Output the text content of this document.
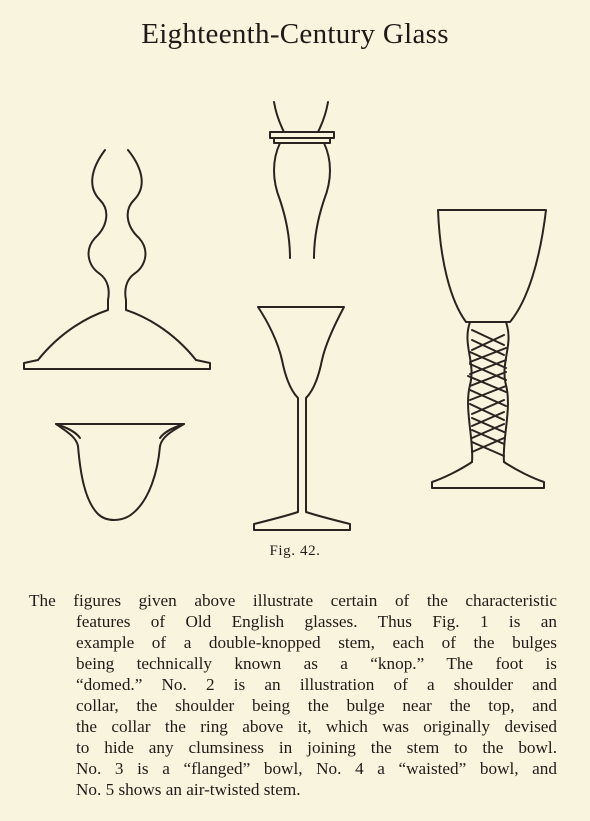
Eighteenth-Century Glass
Fig. 42.
The figures given above illustrate certain of the characteristic
features of Old English glasses. Thus Fig. 1 is an
example of a double-knopped stem, each of the bulges
being technically known as a “knop.” The foot is
“domed.” No. 2 is an illustration of a shoulder and
collar, the shoulder being the bulge near the top, and
the collar the ring above it, which was originally devised
to hide any clumsiness in joining the stem to the bowl.
No. 3 is a “flanged” bowl, No. 4 a “waisted” bowl, and
No. 5 shows an air-twisted stem.
